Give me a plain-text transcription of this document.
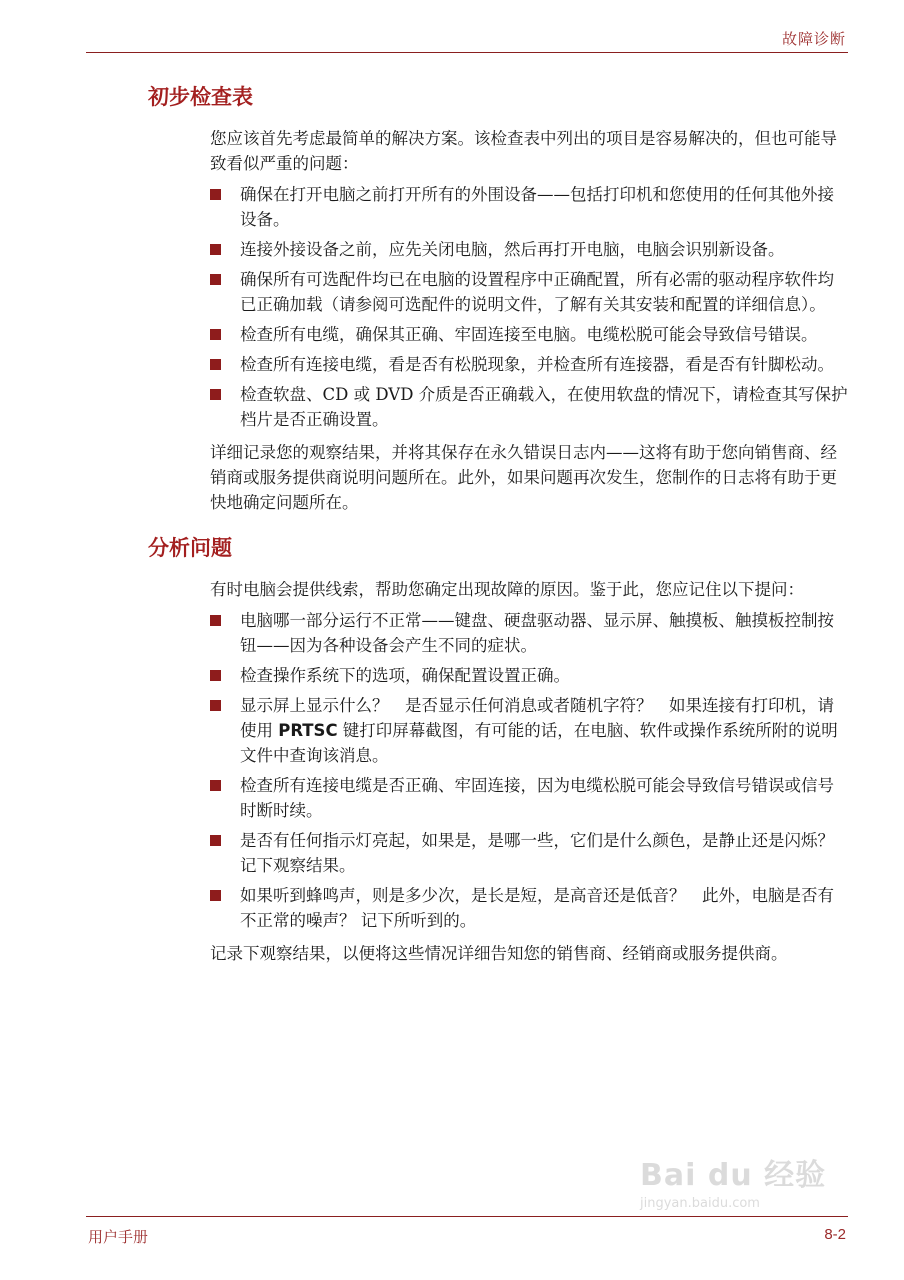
故障诊断
初步检查表

您应该首先考虑最简单的解决方案。该检查表中列出的项目是容易解决的，但也可能导致看似严重的问题：

确保在打开电脑之前打开所有的外围设备——包括打印机和您使用的任何其他外接设备。
连接外接设备之前，应先关闭电脑，然后再打开电脑，电脑会识别新设备。
确保所有可选配件均已在电脑的设置程序中正确配置，所有必需的驱动程序软件均已正确加载（请参阅可选配件的说明文件，了解有关其安装和配置的详细信息）。
检查所有电缆，确保其正确、牢固连接至电脑。电缆松脱可能会导致信号错误。
检查所有连接电缆，看是否有松脱现象，并检查所有连接器，看是否有针脚松动。
检查软盘、CD 或 DVD 介质是否正确载入，在使用软盘的情况下，请检查其写保护档片是否正确设置。

详细记录您的观察结果，并将其保存在永久错误日志内——这将有助于您向销售商、经销商或服务提供商说明问题所在。此外，如果问题再次发生，您制作的日志将有助于更快地确定问题所在。

分析问题

有时电脑会提供线索，帮助您确定出现故障的原因。鉴于此，您应记住以下提问：

电脑哪一部分运行不正常——键盘、硬盘驱动器、显示屏、触摸板、触摸板控制按钮——因为各种设备会产生不同的症状。
检查操作系统下的选项，确保配置设置正确。
显示屏上显示什么？　是否显示任何消息或者随机字符？　如果连接有打印机，请使用 PRTSC 键打印屏幕截图，有可能的话，在电脑、软件或操作系统所附的说明文件中查询该消息。
检查所有连接电缆是否正确、牢固连接，因为电缆松脱可能会导致信号错误或信号时断时续。
是否有任何指示灯亮起，如果是，是哪一些，它们是什么颜色，是静止还是闪烁？ 记下观察结果。
如果听到蜂鸣声，则是多少次，是长是短，是高音还是低音？　此外，电脑是否有不正常的噪声？ 记下所听到的。

记录下观察结果，以便将这些情况详细告知您的销售商、经销商或服务提供商。

Bai du 经验
jingyan.baidu.com
用户手册	8-2
